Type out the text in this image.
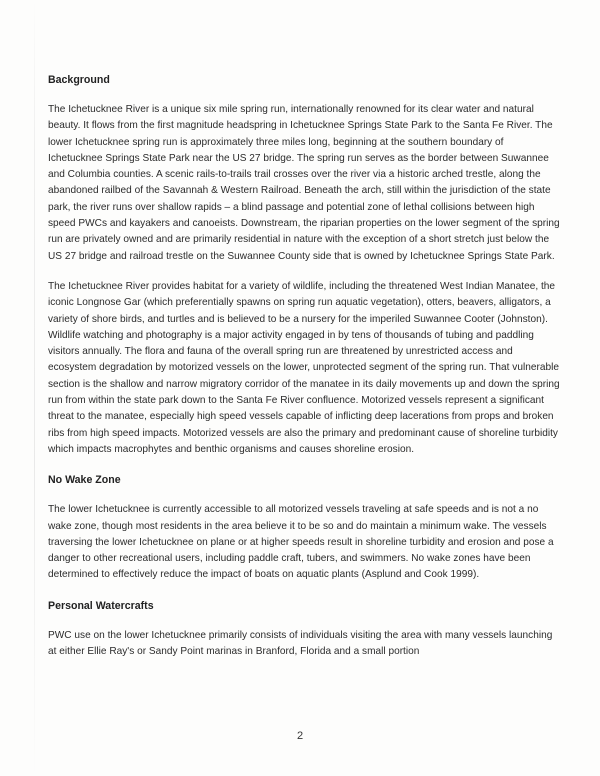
Background

The Ichetucknee River is a unique six mile spring run, internationally renowned for its clear water and natural beauty. It flows from the first magnitude headspring in Ichetucknee Springs State Park to the Santa Fe River. The lower Ichetucknee spring run is approximately three miles long, beginning at the southern boundary of Ichetucknee Springs State Park near the US 27 bridge. The spring run serves as the border between Suwannee and Columbia counties. A scenic rails-to-trails trail crosses over the river via a historic arched trestle, along the abandoned railbed of the Savannah & Western Railroad. Beneath the arch, still within the jurisdiction of the state park, the river runs over shallow rapids – a blind passage and potential zone of lethal collisions between high speed PWCs and kayakers and canoeists. Downstream, the riparian properties on the lower segment of the spring run are privately owned and are primarily residential in nature with the exception of a short stretch just below the US 27 bridge and railroad trestle on the Suwannee County side that is owned by Ichetucknee Springs State Park.

The Ichetucknee River provides habitat for a variety of wildlife, including the threatened West Indian Manatee, the iconic Longnose Gar (which preferentially spawns on spring run aquatic vegetation), otters, beavers, alligators, a variety of shore birds, and turtles and is believed to be a nursery for the imperiled Suwannee Cooter (Johnston). Wildlife watching and photography is a major activity engaged in by tens of thousands of tubing and paddling visitors annually. The flora and fauna of the overall spring run are threatened by unrestricted access and ecosystem degradation by motorized vessels on the lower, unprotected segment of the spring run. That vulnerable section is the shallow and narrow migratory corridor of the manatee in its daily movements up and down the spring run from within the state park down to the Santa Fe River confluence. Motorized vessels represent a significant threat to the manatee, especially high speed vessels capable of inflicting deep lacerations from props and broken ribs from high speed impacts. Motorized vessels are also the primary and predominant cause of shoreline turbidity which impacts macrophytes and benthic organisms and causes shoreline erosion.

No Wake Zone

The lower Ichetucknee is currently accessible to all motorized vessels traveling at safe speeds and is not a no wake zone, though most residents in the area believe it to be so and do maintain a minimum wake. The vessels traversing the lower Ichetucknee on plane or at higher speeds result in shoreline turbidity and erosion and pose a danger to other recreational users, including paddle craft, tubers, and swimmers. No wake zones have been determined to effectively reduce the impact of boats on aquatic plants (Asplund and Cook 1999).

Personal Watercrafts

PWC use on the lower Ichetucknee primarily consists of individuals visiting the area with many vessels launching at either Ellie Ray's or Sandy Point marinas in Branford, Florida and a small portion

2
